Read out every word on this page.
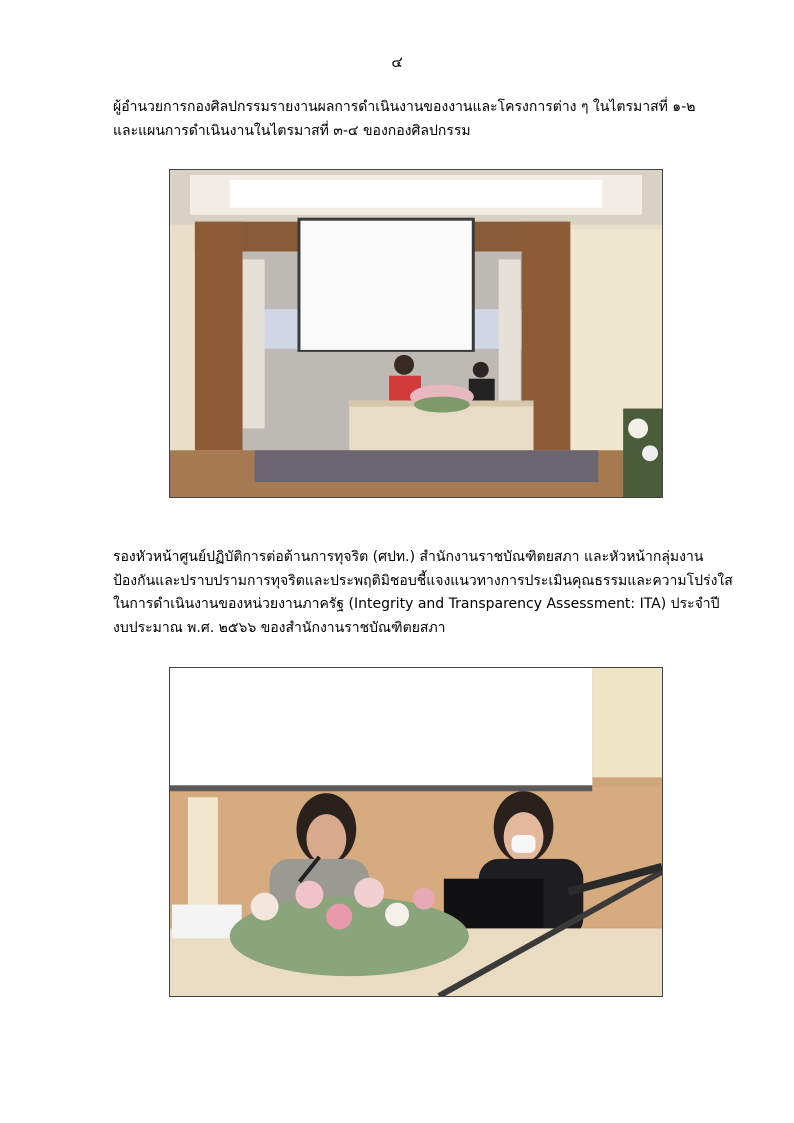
๔

ผู้อำนวยการกองศิลปกรรมรายงานผลการดำเนินงานของงานและโครงการต่าง ๆ ในไตรมาสที่ ๑-๒
และแผนการดำเนินงานในไตรมาสที่ ๓-๔ ของกองศิลปกรรม

รองหัวหน้าศูนย์ปฏิบัติการต่อต้านการทุจริต (ศปท.) สำนักงานราชบัณฑิตยสภา และหัวหน้ากลุ่มงาน
ป้องกันและปราบปรามการทุจริตและประพฤติมิชอบชี้แจงแนวทางการประเมินคุณธรรมและความโปร่งใส
ในการดำเนินงานของหน่วยงานภาครัฐ (Integrity and Transparency Assessment: ITA) ประจำปี
งบประมาณ พ.ศ. ๒๕๖๖ ของสำนักงานราชบัณฑิตยสภา
